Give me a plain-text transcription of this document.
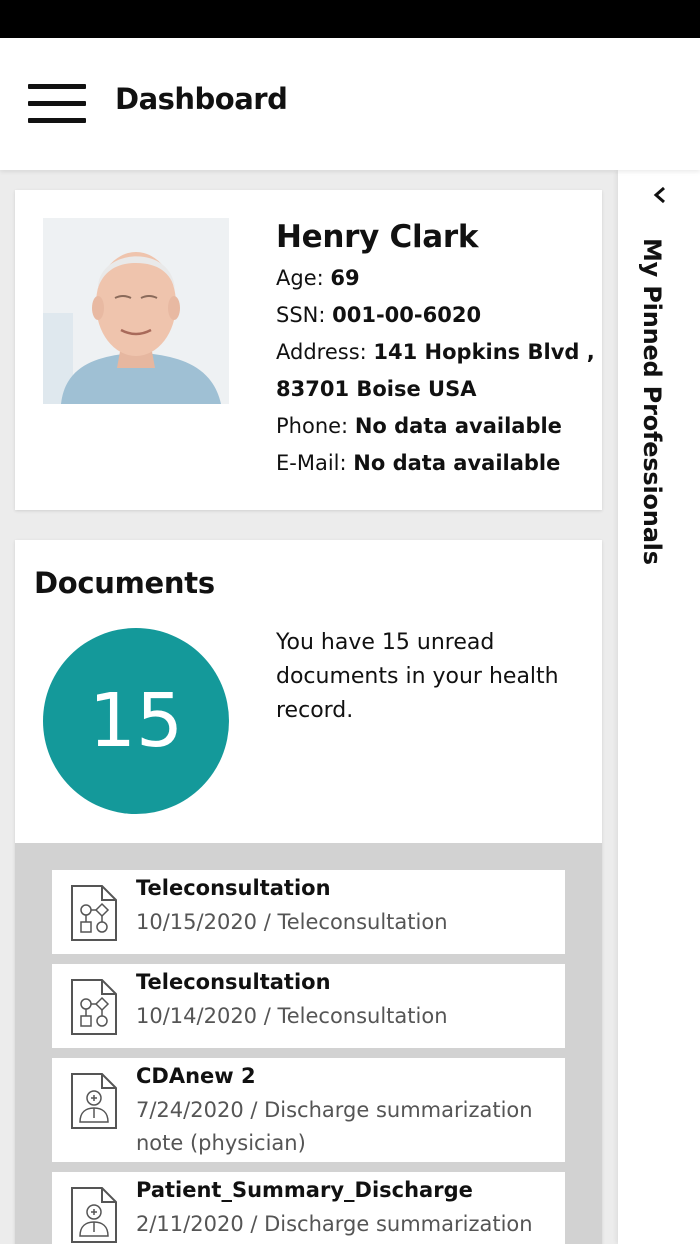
Dashboard
Henry Clark
Age: 69
SSN: 001-00-6020
Address: 141 Hopkins Blvd ,
83701 Boise USA
Phone: No data available
E-Mail: No data available
Documents
15
You have 15 unread documents in your health record.
Teleconsultation
10/15/2020 / Teleconsultation
Teleconsultation
10/14/2020 / Teleconsultation
CDAnew 2
7/24/2020 / Discharge summarization note (physician)
Patient_Summary_Discharge
2/11/2020 / Discharge summarization
My Pinned Professionals
